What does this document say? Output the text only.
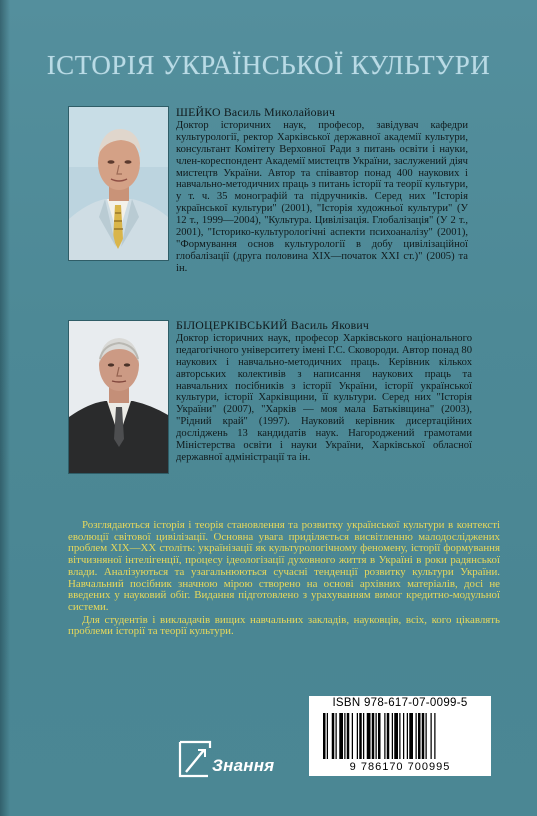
ІСТОРІЯ УКРАЇНСЬКОЇ КУЛЬТУРИ

ШЕЙКО Василь Миколайович

Доктор історичних наук, професор, завідувач кафедри культурології, ректор Харківської державної академії культури, консультант Комітету Верховної Ради з питань освіти і науки, член-кореспондент Академії мистецтв України, заслужений діяч мистецтв України. Автор та співавтор понад 400 наукових і навчально-методичних праць з питань історії та теорії культури, у т. ч. 35 монографій та підручників. Серед них "Історія української культури" (2001), "Історія художньої культури" (У 12 т., 1999—2004), "Культура. Цивілізація. Глобалізація" (У 2 т., 2001), "Історико-культурологічні аспекти психоаналізу" (2001), "Формування основ культурології в добу цивілізаційної глобалізації (друга половина XIX—початок XXI ст.)" (2005) та ін.

БІЛОЦЕРКІВСЬКИЙ Василь Якович

Доктор історичних наук, професор Харківського національного педагогічного університету імені Г.С. Сковороди. Автор понад 80 наукових і навчально-методичних праць. Керівник кількох авторських колективів з написання наукових праць та навчальних посібників з історії України, історії української культури, історії Харківщини, її культури. Серед них "Історія України" (2007), "Харків — моя мала Батьківщина" (2003), "Рідний край" (1997). Науковий керівник дисертаційних досліджень 13 кандидатів наук. Нагороджений грамотами Міністерства освіти і науки України, Харківської обласної державної адміністрації та ін.

Розглядаються історія і теорія становлення та розвитку української культури в контексті еволюції світової цивілізації. Основна увага приділяється висвітленню малодосліджених проблем XIX—XX століть: українізації як культурологічному феномену, історії формування вітчизняної інтелігенції, процесу ідеологізації духовного життя в Україні в роки радянської влади. Аналізуються та узагальнюються сучасні тенденції розвитку культури України. Навчальний посібник значною мірою створено на основі архівних матеріалів, досі не введених у науковий обіг. Видання підготовлено з урахуванням вимог кредитно-модульної системи.

Для студентів і викладачів вищих навчальних закладів, науковців, всіх, кого цікавлять проблеми історії та теорії культури.

Знання
ISBN 978-617-07-0099-5
9 786170 700995
